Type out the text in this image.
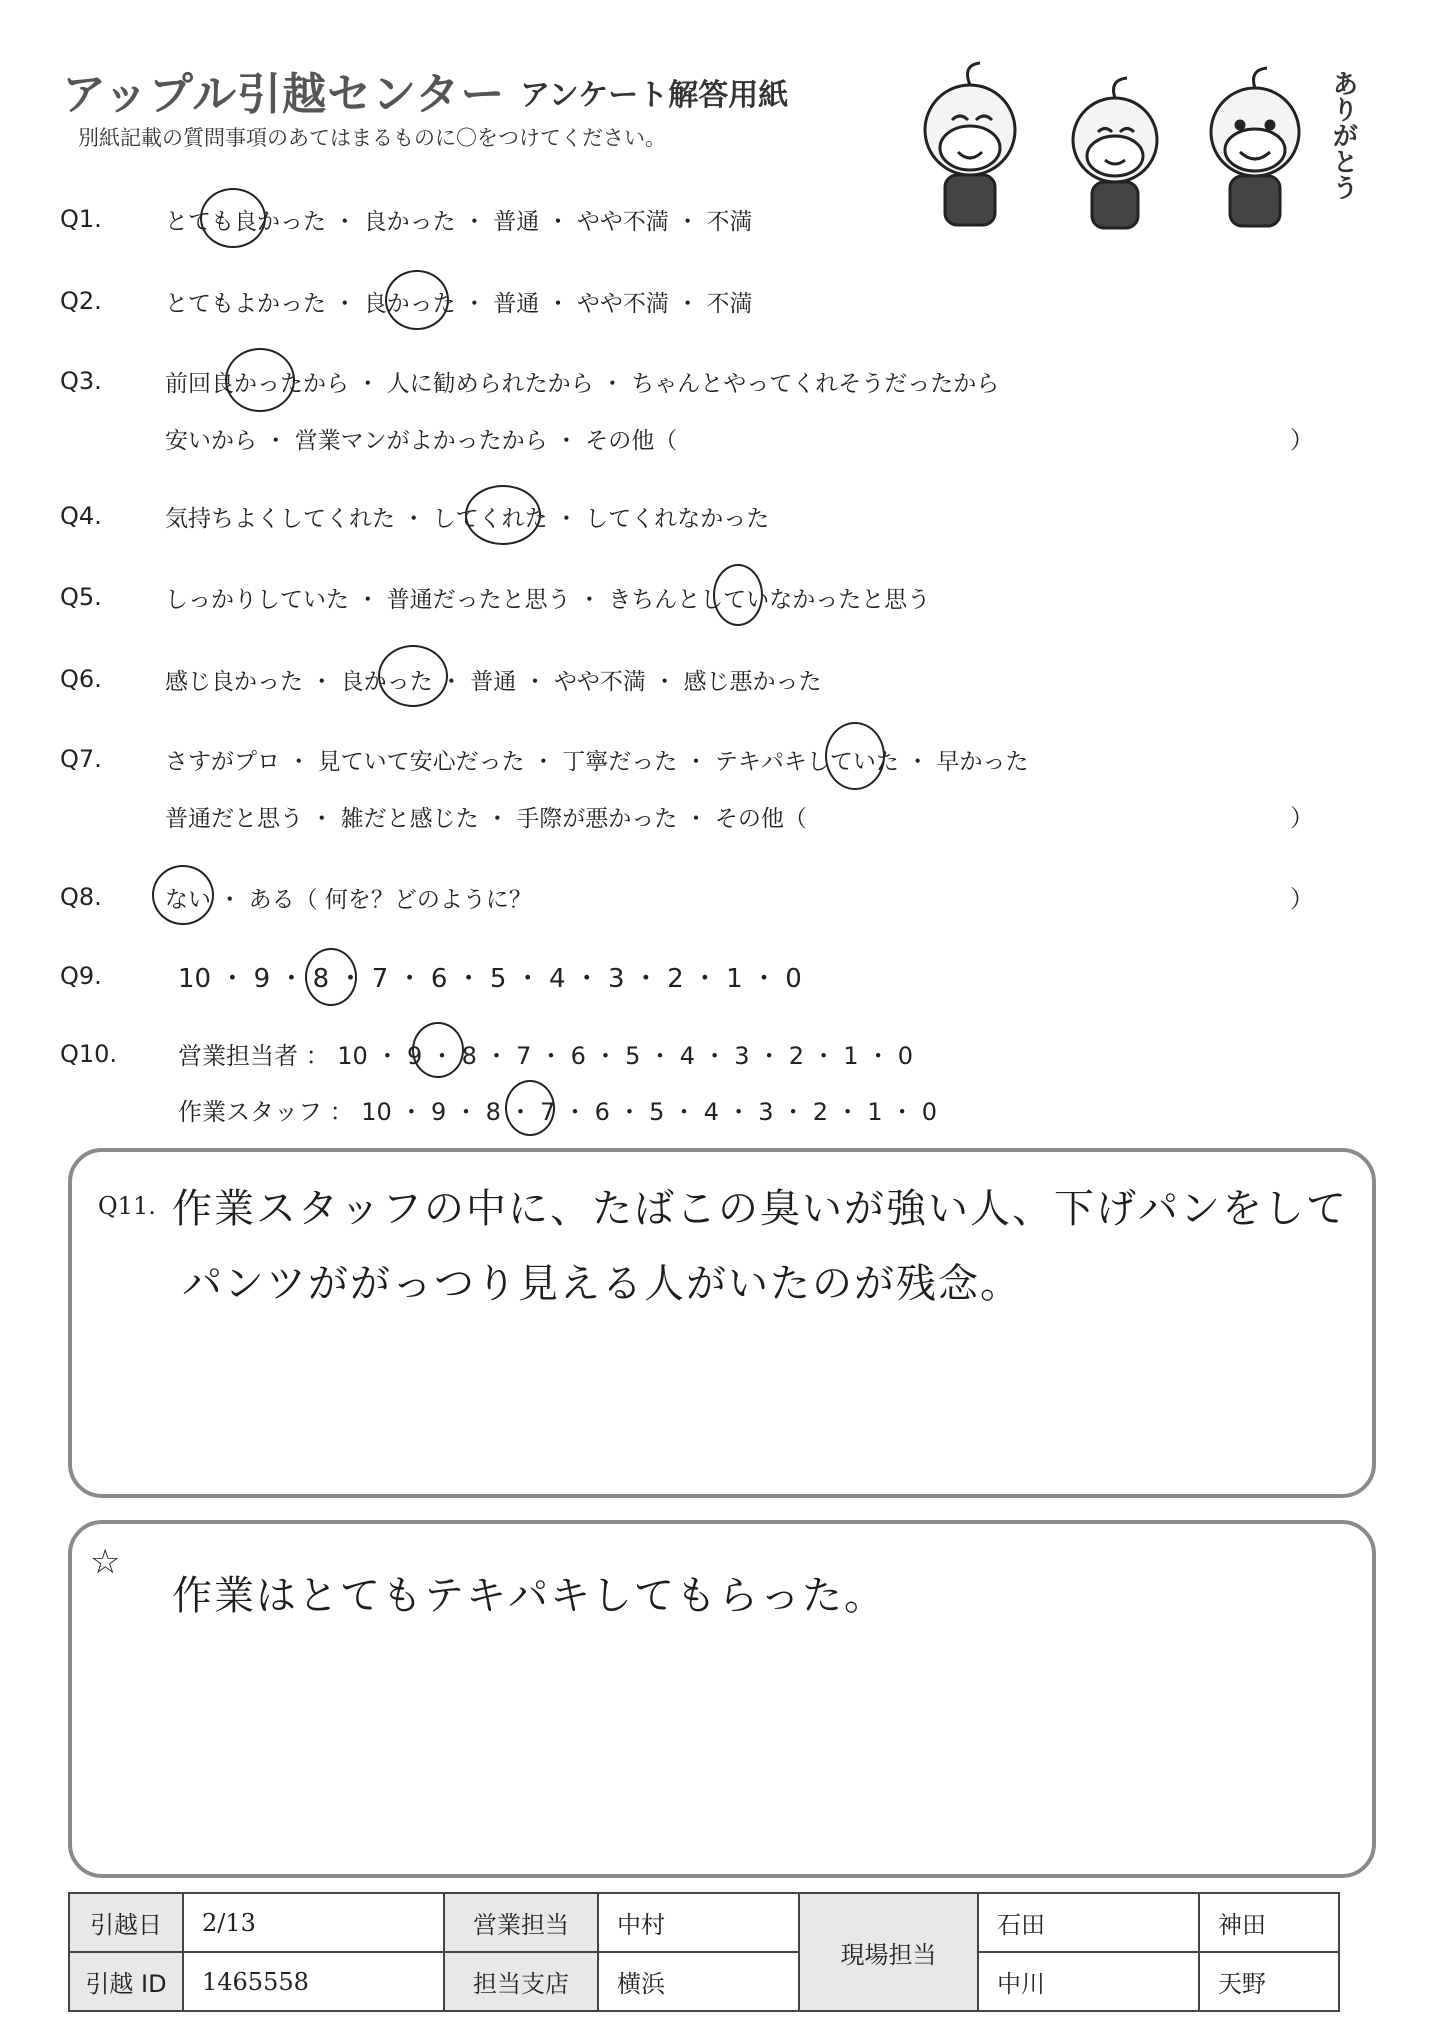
アップル引越センター アンケート解答用紙
別紙記載の質問事項のあてはまるものに〇をつけてください。	ありがとう
Q1.	とても良かった ・ 良かった ・ 普通 ・ やや不満 ・ 不満
Q2.	とてもよかった ・ 良かった ・ 普通 ・ やや不満 ・ 不満
Q3.	前回良かったから ・ 人に勧められたから ・ ちゃんとやってくれそうだったから
安いから ・ 営業マンがよかったから ・ その他（	）
Q4.	気持ちよくしてくれた ・ してくれた ・ してくれなかった
Q5.	しっかりしていた ・ 普通だったと思う ・ きちんとしていなかったと思う
Q6.	感じ良かった ・ 良かった ・ 普通 ・ やや不満 ・ 感じ悪かった
Q7.	さすがプロ ・ 見ていて安心だった ・ 丁寧だった ・ テキパキしていた ・ 早かった
普通だと思う ・ 雑だと感じた ・ 手際が悪かった ・ その他（	）
Q8.	ない ・ ある（ 何を？どのように？	）
Q9.	10 ・ 9 ・ 8 ・ 7 ・ 6 ・ 5 ・ 4 ・ 3 ・ 2 ・ 1 ・ 0
Q10.	営業担当者 ： 10 ・ 9 ・ 8 ・ 7 ・ 6 ・ 5 ・ 4 ・ 3 ・ 2 ・ 1 ・ 0
作業スタッフ ： 10 ・ 9 ・ 8 ・ 7 ・ 6 ・ 5 ・ 4 ・ 3 ・ 2 ・ 1 ・ 0
Q11. 作業スタッフの中に、たばこの臭いが強い人、下げパンをして
パンツががっつり見える人がいたのが残念。
☆
作業はとてもテキパキしてもらった。
引越日	2/13	営業担当	中村	現場担当	石田	神田
引越 ID	1465558	担当支店	横浜		中川	天野
